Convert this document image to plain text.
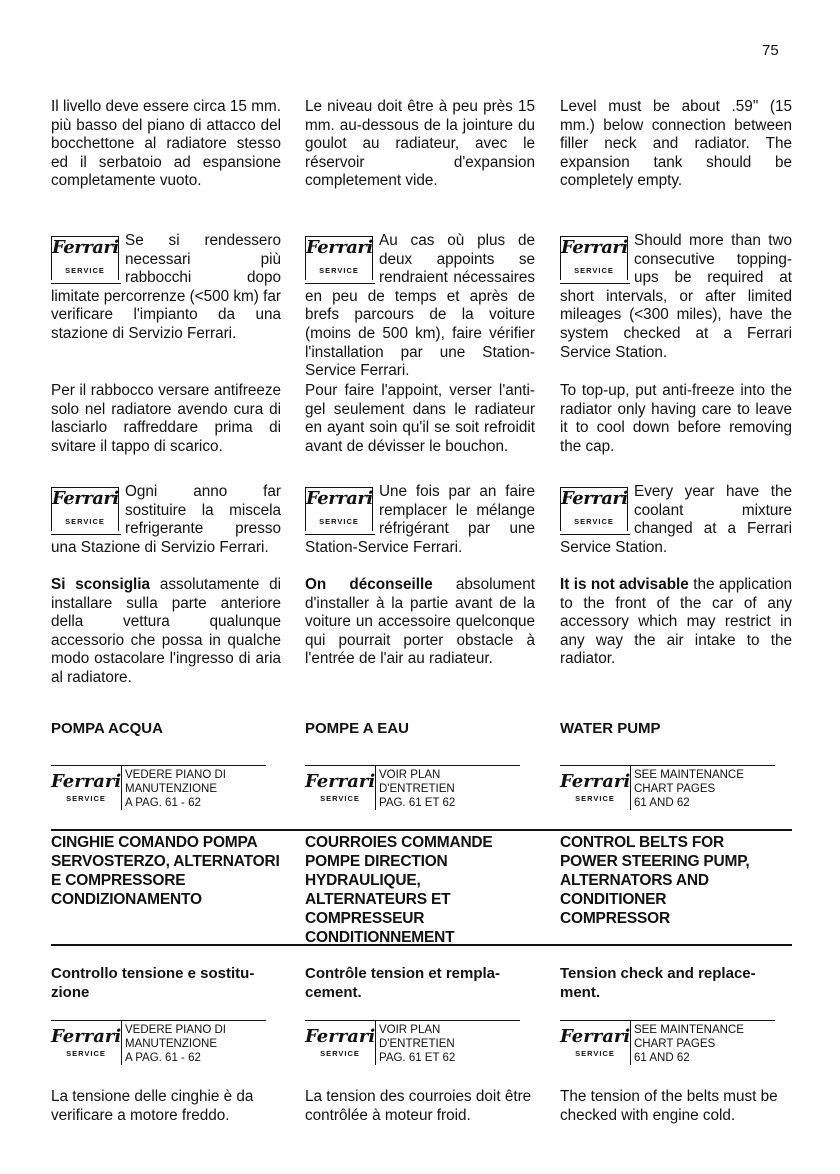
75
Il livello deve essere circa 15 mm. più basso del piano di attacco del bocchettone al radiatore stesso ed il serbatoio ad espansione completamente vuoto.
Ferrari
SERVICE
Se si rendessero necessari più rabbocchi dopo limitate percorrenze (<500 km) far verificare l'impianto da una stazione di Servizio Ferrari.
Per il rabbocco versare antifreeze solo nel radiatore avendo cura di lasciarlo raffreddare prima di svitare il tappo di scarico.
Ferrari
SERVICE
Ogni anno far sostituire la miscela refrigerante presso una Stazione di Servizio Ferrari.
Si sconsiglia assolutamente di installare sulla parte anteriore della vettura qualunque accessorio che possa in qualche modo ostacolare l'ingresso di aria al radiatore.
POMPA ACQUA
Ferrari
SERVICE
VEDERE PIANO DI
MANUTENZIONE
A PAG. 61 - 62
CINGHIE COMANDO POMPA
SERVOSTERZO, ALTERNATORI
E COMPRESSORE
CONDIZIONAMENTO
Controllo tensione e sostitu-
zione
Ferrari
SERVICE
VEDERE PIANO DI
MANUTENZIONE
A PAG. 61 - 62
La tensione delle cinghie è da verificare a motore freddo.
Le niveau doit être à peu près 15 mm. au-dessous de la jointure du goulot au radiateur, avec le réservoir d'expansion completement vide.
Ferrari
SERVICE
Au cas où plus de deux appoints se rendraient nécessaires en peu de temps et après de brefs parcours de la voiture (moins de 500 km), faire vérifier l'installation par une Station-Service Ferrari.
Pour faire l'appoint, verser l'anti-gel seulement dans le radiateur en ayant soin qu'il se soit refroidit avant de dévisser le bouchon.
Ferrari
SERVICE
Une fois par an faire remplacer le mélange réfrigérant par une Station-Service Ferrari.
On déconseille absolument d'installer à la partie avant de la voiture un accessoire quelconque qui pourrait porter obstacle à l'entrée de l'air au radiateur.
POMPE A EAU
Ferrari
SERVICE
VOIR PLAN
D'ENTRETIEN
PAG. 61 ET 62
COURROIES COMMANDE
POMPE DIRECTION
HYDRAULIQUE,
ALTERNATEURS ET
COMPRESSEUR
CONDITIONNEMENT
Contrôle tension et rempla-
cement.
Ferrari
SERVICE
VOIR PLAN
D'ENTRETIEN
PAG. 61 ET 62
La tension des courroies doit être contrôlée à moteur froid.
Level must be about .59" (15 mm.) below connection between filler neck and radiator. The expansion tank should be completely empty.
Ferrari
SERVICE
Should more than two consecutive topping-ups be required at short intervals, or after limited mileages (<300 miles), have the system checked at a Ferrari Service Station.
To top-up, put anti-freeze into the radiator only having care to leave it to cool down before removing the cap.
Ferrari
SERVICE
Every year have the coolant mixture changed at a Ferrari Service Station.
It is not advisable the application to the front of the car of any accessory which may restrict in any way the air intake to the radiator.
WATER PUMP
Ferrari
SERVICE
SEE MAINTENANCE
CHART PAGES
61 AND 62
CONTROL BELTS FOR
POWER STEERING PUMP,
ALTERNATORS AND
CONDITIONER
COMPRESSOR
Tension check and replace-
ment.
Ferrari
SERVICE
SEE MAINTENANCE
CHART PAGES
61 AND 62
The tension of the belts must be checked with engine cold.
